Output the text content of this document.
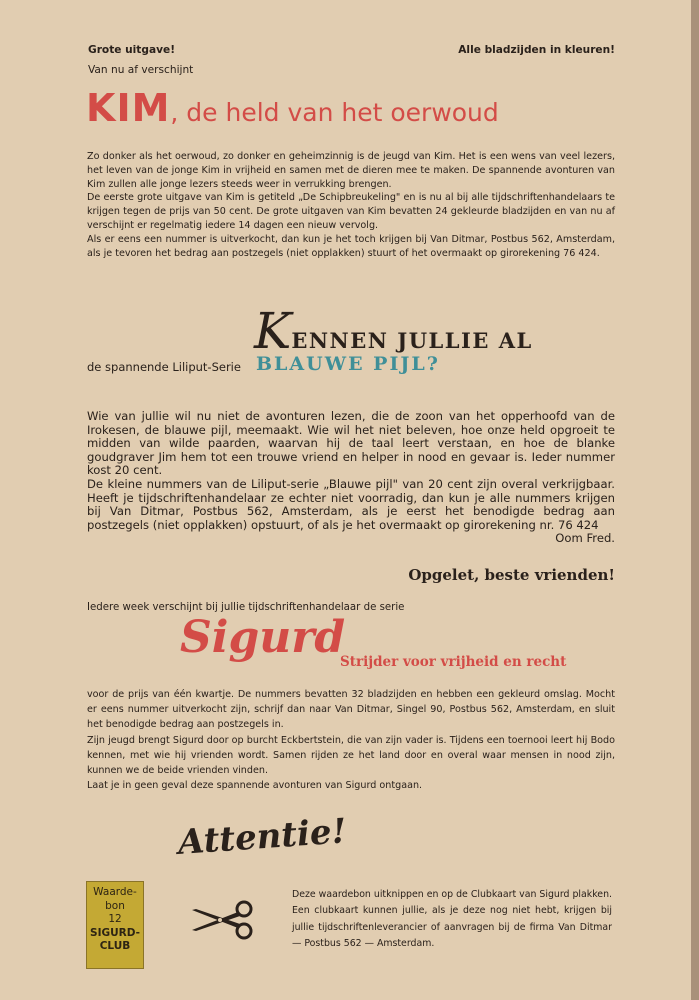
Grote uitgave!	Alle bladzijden in kleuren!
Van nu af verschijnt
KIM, de held van het oerwoud

Zo donker als het oerwoud, zo donker en geheimzinnig is de jeugd van Kim. Het is een wens van veel lezers, het leven van de jonge Kim in vrijheid en samen met de dieren mee te maken. De spannende avonturen van Kim zullen alle jonge lezers steeds weer in verrukking brengen.

De eerste grote uitgave van Kim is getiteld „De Schipbreukeling" en is nu al bij alle tijdschriftenhandelaars te krijgen tegen de prijs van 50 cent. De grote uitgaven van Kim bevatten 24 gekleurde bladzijden en van nu af verschijnt er regelmatig iedere 14 dagen een nieuw vervolg.

Als er eens een nummer is uitverkocht, dan kun je het toch krijgen bij Van Ditmar, Postbus 562, Amsterdam, als je tevoren het bedrag aan postzegels (niet opplakken) stuurt of het overmaakt op girorekening 76 424.

KENNEN JULLIE AL
de spannende Liliput-Serie BLAUWE PIJL?

Wie van jullie wil nu niet de avonturen lezen, die de zoon van het opperhoofd van de Irokesen, de blauwe pijl, meemaakt. Wie wil het niet beleven, hoe onze held opgroeit te midden van wilde paarden, waarvan hij de taal leert verstaan, en hoe de blanke goudgraver Jim hem tot een trouwe vriend en helper in nood en gevaar is. Ieder nummer kost 20 cent.

De kleine nummers van de Liliput-serie „Blauwe pijl" van 20 cent zijn overal verkrijgbaar. Heeft je tijdschriftenhandelaar ze echter niet voorradig, dan kun je alle nummers krijgen bij Van Ditmar, Postbus 562, Amsterdam, als je eerst het benodigde bedrag aan postzegels (niet opplakken) opstuurt, of als je het overmaakt op girorekening nr. 76 424

Oom Fred.

Opgelet, beste vrienden!
Iedere week verschijnt bij jullie tijdschriftenhandelaar de serie
Sigurd
Strijder voor vrijheid en recht

voor de prijs van één kwartje. De nummers bevatten 32 bladzijden en hebben een gekleurd omslag. Mocht er eens nummer uitverkocht zijn, schrijf dan naar Van Ditmar, Singel 90, Postbus 562, Amsterdam, en sluit het benodigde bedrag aan postzegels in.

Zijn jeugd brengt Sigurd door op burcht Eckbertstein, die van zijn vader is. Tijdens een toernooi leert hij Bodo kennen, met wie hij vrienden wordt. Samen rijden ze het land door en overal waar mensen in nood zijn, kunnen we de beide vrienden vinden.

Laat je in geen geval deze spannende avonturen van Sigurd ontgaan.

Attentie!
Waarde-
bon
12
SIGURD-
CLUB
Deze waardebon uitknippen en op de Clubkaart van Sigurd plakken. Een clubkaart kunnen jullie, als je deze nog niet hebt, krijgen bij jullie tijdschriftenleverancier of aanvragen bij de firma Van Ditmar — Postbus 562 — Amsterdam.
